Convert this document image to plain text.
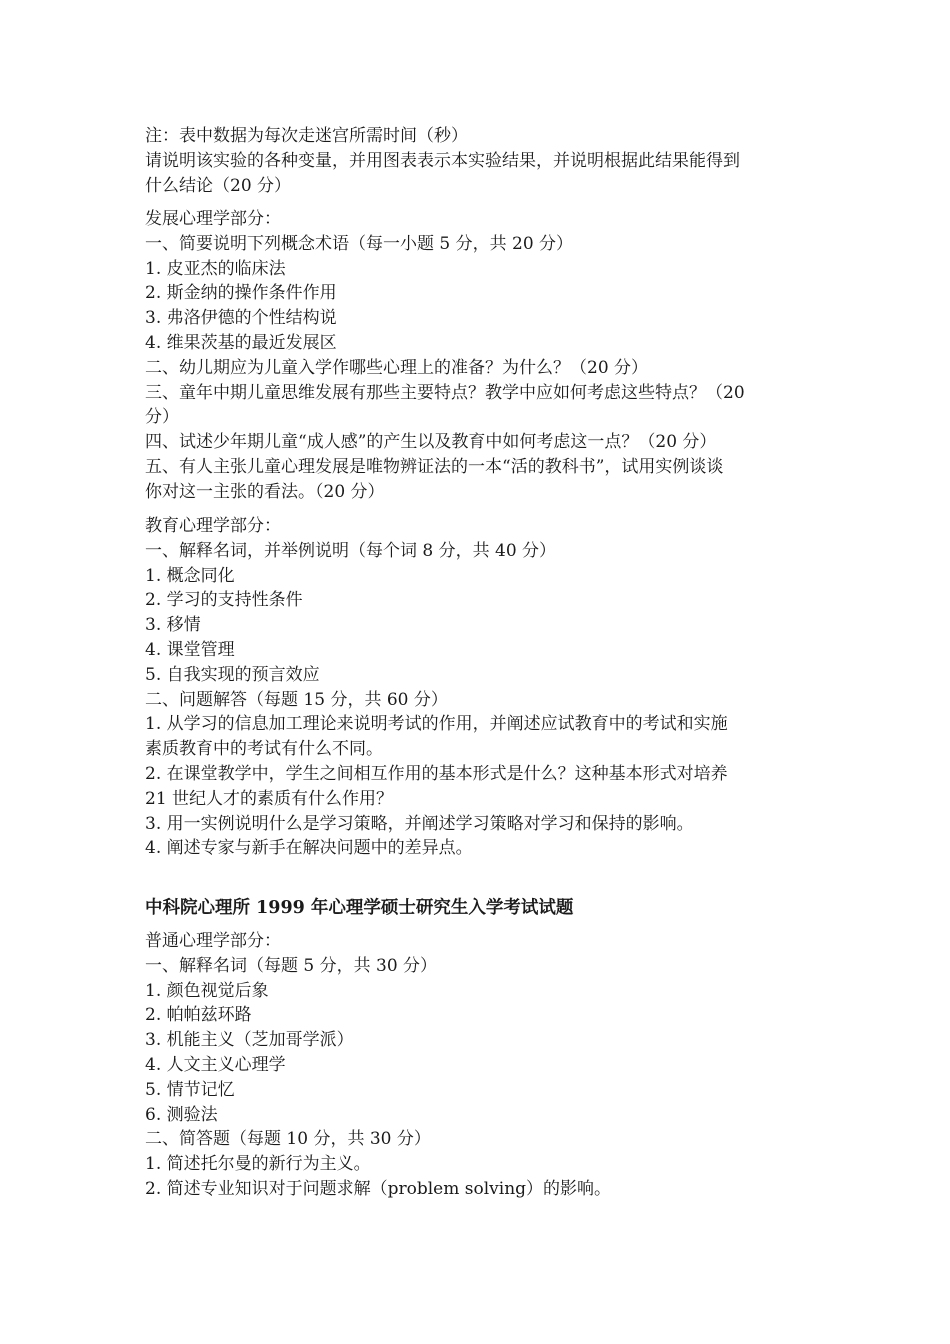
注：表中数据为每次走迷宫所需时间（秒）
请说明该实验的各种变量，并用图表表示本实验结果，并说明根据此结果能得到
什么结论（20 分）
发展心理学部分：
一、简要说明下列概念术语（每一小题 5 分，共 20 分）
1. 皮亚杰的临床法
2. 斯金纳的操作条件作用
3. 弗洛伊德的个性结构说
4. 维果茨基的最近发展区
二、幼儿期应为儿童入学作哪些心理上的准备？为什么？（20 分）
三、童年中期儿童思维发展有那些主要特点？教学中应如何考虑这些特点？（20
分）
四、试述少年期儿童“成人感”的产生以及教育中如何考虑这一点？（20 分）
五、有人主张儿童心理发展是唯物辨证法的一本“活的教科书”，试用实例谈谈
你对这一主张的看法。（20 分）
教育心理学部分：
一、解释名词，并举例说明（每个词 8 分，共 40 分）
1. 概念同化
2. 学习的支持性条件
3. 移情
4. 课堂管理
5. 自我实现的预言效应
二、问题解答（每题 15 分，共 60 分）
1. 从学习的信息加工理论来说明考试的作用，并阐述应试教育中的考试和实施
素质教育中的考试有什么不同。
2. 在课堂教学中，学生之间相互作用的基本形式是什么？这种基本形式对培养
21 世纪人才的素质有什么作用？
3. 用一实例说明什么是学习策略，并阐述学习策略对学习和保持的影响。
4. 阐述专家与新手在解决问题中的差异点。
中科院心理所 1999 年心理学硕士研究生入学考试试题
普通心理学部分：
一、解释名词（每题 5 分，共 30 分）
1. 颜色视觉后象
2. 帕帕兹环路
3. 机能主义（芝加哥学派）
4. 人文主义心理学
5. 情节记忆
6. 测验法
二、简答题（每题 10 分，共 30 分）
1. 简述托尔曼的新行为主义。
2. 简述专业知识对于问题求解（problem solving）的影响。
